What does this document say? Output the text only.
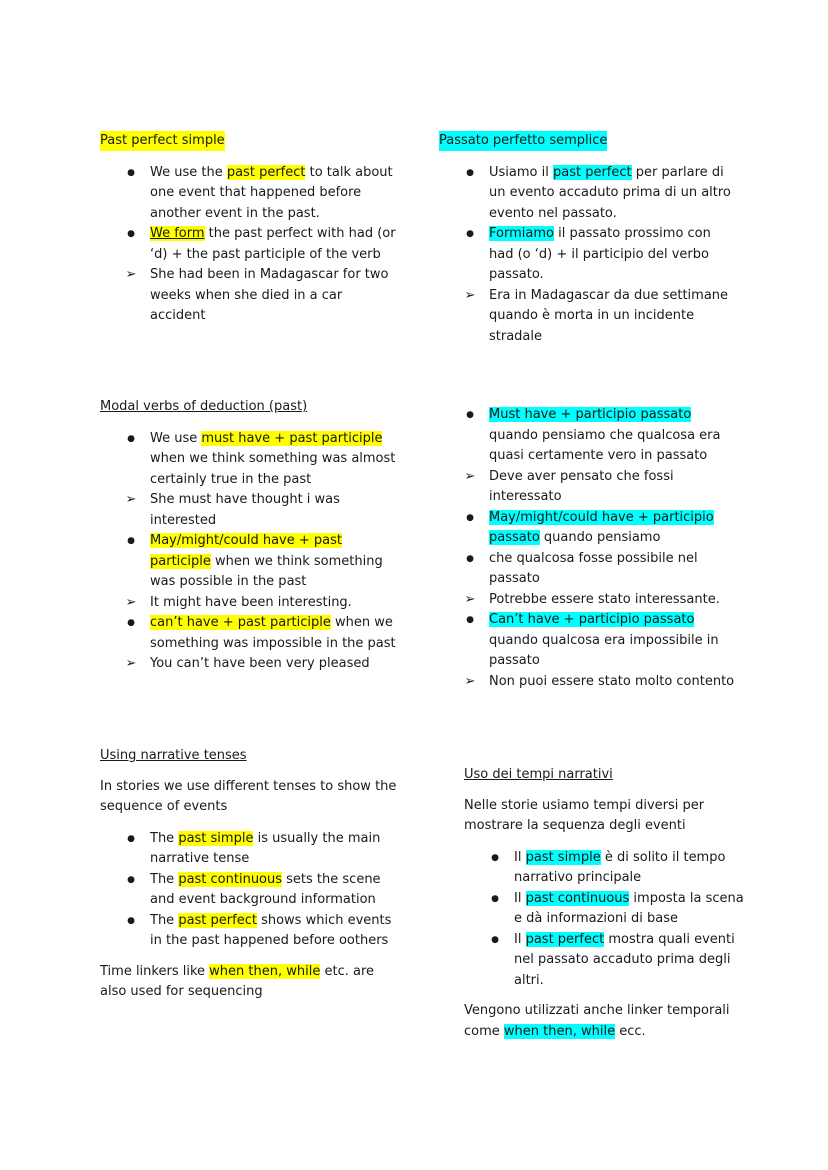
Past perfect simple
● We use the past perfect to talk about one event that happened before another event in the past.
● We form the past perfect with had (or ‘d) + the past participle of the verb
➢ She had been in Madagascar for two weeks when she died in a car accident
Modal verbs of deduction (past)
● We use must have + past participle when we think something was almost certainly true in the past
➢ She must have thought i was interested
● May/might/could have + past participle when we think something was possible in the past
➢ It might have been interesting.
● can’t have + past participle when we something was impossible in the past
➢ You can’t have been very pleased
Using narrative tenses

In stories we use different tenses to show the sequence of events

● The past simple is usually the main narrative tense
● The past continuous sets the scene and event background information
● The past perfect shows which events in the past happened before oothers

Time linkers like when then, while etc. are also used for sequencing

Passato perfetto semplice
● Usiamo il past perfect per parlare di un evento accaduto prima di un altro evento nel passato.
● Formiamo il passato prossimo con had (o ‘d) + il participio del verbo passato.
➢ Era in Madagascar da due settimane quando è morta in un incidente stradale
● Must have + participio passato quando pensiamo che qualcosa era quasi certamente vero in passato
➢ Deve aver pensato che fossi interessato
● May/might/could have + participio passato quando pensiamo
● che qualcosa fosse possibile nel passato
➢ Potrebbe essere stato interessante.
● Can’t have + participio passato quando qualcosa era impossibile in passato
➢ Non puoi essere stato molto contento
Uso dei tempi narrativi

Nelle storie usiamo tempi diversi per mostrare la sequenza degli eventi

● Il past simple è di solito il tempo narrativo principale
● Il past continuous imposta la scena e dà informazioni di base
● Il past perfect mostra quali eventi nel passato accaduto prima degli altri.

Vengono utilizzati anche linker temporali come when then, while ecc.
